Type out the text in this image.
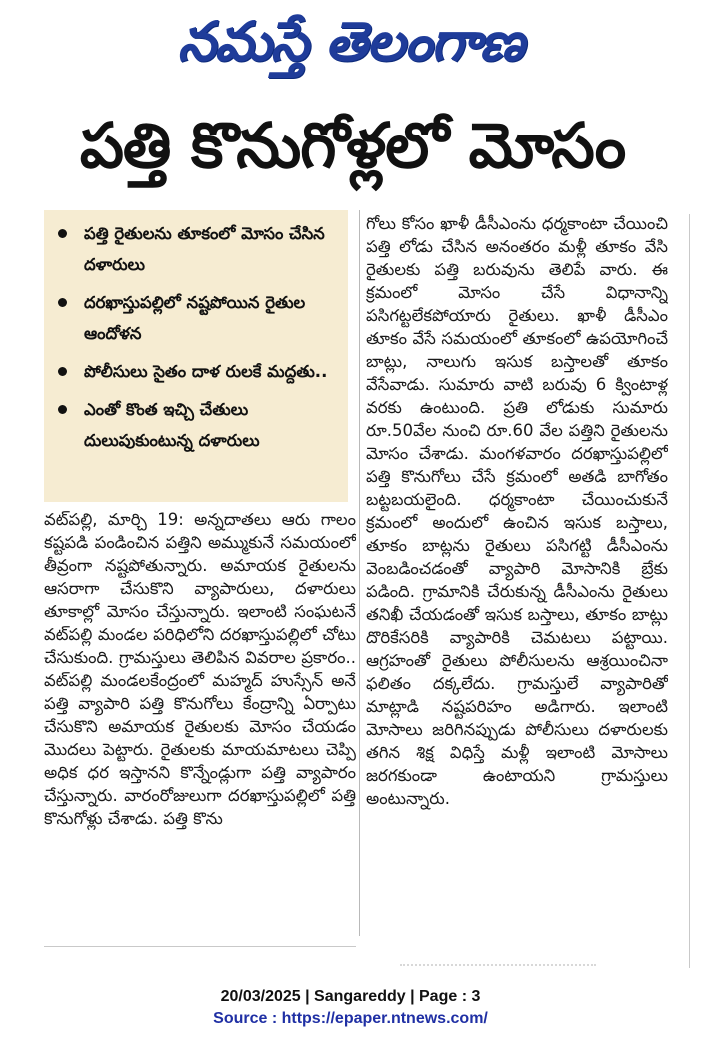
నమస్తే తెలంగాణ
పత్తి కొనుగోళ్లలో మోసం
పత్తి రైతులను తూకంలో మోసం చేసిన దళారులు
దరఖాస్తుపల్లిలో నష్టపోయిన రైతుల ఆందోళన
పోలీసులు సైతం దాళ రులకే మద్దతు..
ఎంతో కొంత ఇచ్చి చేతులు దులుపుకుంటున్న దళారులు
వట్‌పల్లి, మార్చి 19: అన్నదాతలు ఆరు గాలం కష్టపడి పండించిన పత్తిని అమ్ముకునే సమయంలో తీవ్రంగా నష్టపోతున్నారు. అమాయక రైతులను ఆసరాగా చేసుకొని వ్యాపారులు, దళారులు తూకాల్లో మోసం చేస్తున్నారు. ఇలాంటి సంఘటనే వట్‌పల్లి మండల పరిధిలోని దరఖాస్తుపల్లిలో చోటు చేసుకుంది. గ్రామస్తులు తెలిపిన వివరాల ప్రకారం.. వట్‌పల్లి మండలకేంద్రంలో మహ్మద్ హుస్సేన్ అనే పత్తి వ్యాపారి పత్తి కొనుగోలు కేంద్రాన్ని ఏర్పాటు చేసుకొని అమాయక రైతులకు మోసం చేయడం మొదలు పెట్టారు. రైతులకు మాయమాటలు చెప్పి అధిక ధర ఇస్తానని కొన్నేండ్లుగా పత్తి వ్యాపారం చేస్తున్నారు. వారంరోజులుగా దరఖాస్తుపల్లిలో పత్తి కొనుగోళ్లు చేశాడు. పత్తి కొను
గోలు కోసం ఖాళీ డీసీఎంను ధర్మకాంటా చేయించి పత్తి లోడు చేసిన అనంతరం మళ్లీ తూకం వేసి రైతులకు పత్తి బరువును తెలిపే వారు. ఈ క్రమంలో మోసం చేసే విధానాన్ని పసిగట్టలేకపోయారు రైతులు. ఖాళీ డీసీఎం తూకం వేసే సమయంలో తూకంలో ఉపయోగించే బాట్లు, నాలుగు ఇసుక బస్తాలతో తూకం వేసేవాడు. సుమారు వాటి బరువు 6 క్వింటాళ్ల వరకు ఉంటుంది. ప్రతి లోడుకు సుమారు రూ.50వేల నుంచి రూ.60 వేల పత్తిని రైతులను మోసం చేశాడు. మంగళవారం దరఖాస్తుపల్లిలో పత్తి కొనుగోలు చేసే క్రమంలో అతడి బాగోతం బట్టబయలైంది. ధర్మకాంటా చేయించుకునే క్రమంలో అందులో ఉంచిన ఇసుక బస్తాలు, తూకం బాట్లను రైతులు పసిగట్టి డీసీఎంను వెంబడించడంతో వ్యాపారి మోసానికి బ్రేకు పడింది. గ్రామానికి చేరుకున్న డీసీఎంను రైతులు తనిఖీ చేయడంతో ఇసుక బస్తాలు, తూకం బాట్లు దొరికేసరికి వ్యాపారికి చెమటలు పట్టాయి. ఆగ్రహంతో రైతులు పోలీసులను ఆశ్రయించినా ఫలితం దక్కలేదు. గ్రామస్తులే వ్యాపారితో మాట్లాడి నష్టపరిహం అడిగారు. ఇలాంటి మోసాలు జరిగినప్పుడు పోలీసులు దళారులకు తగిన శిక్ష విధిస్తే మళ్లీ ఇలాంటి మోసాలు జరగకుండా ఉంటాయని గ్రామస్తులు అంటున్నారు.
20/03/2025 | Sangareddy | Page : 3
Source : https://epaper.ntnews.com/
